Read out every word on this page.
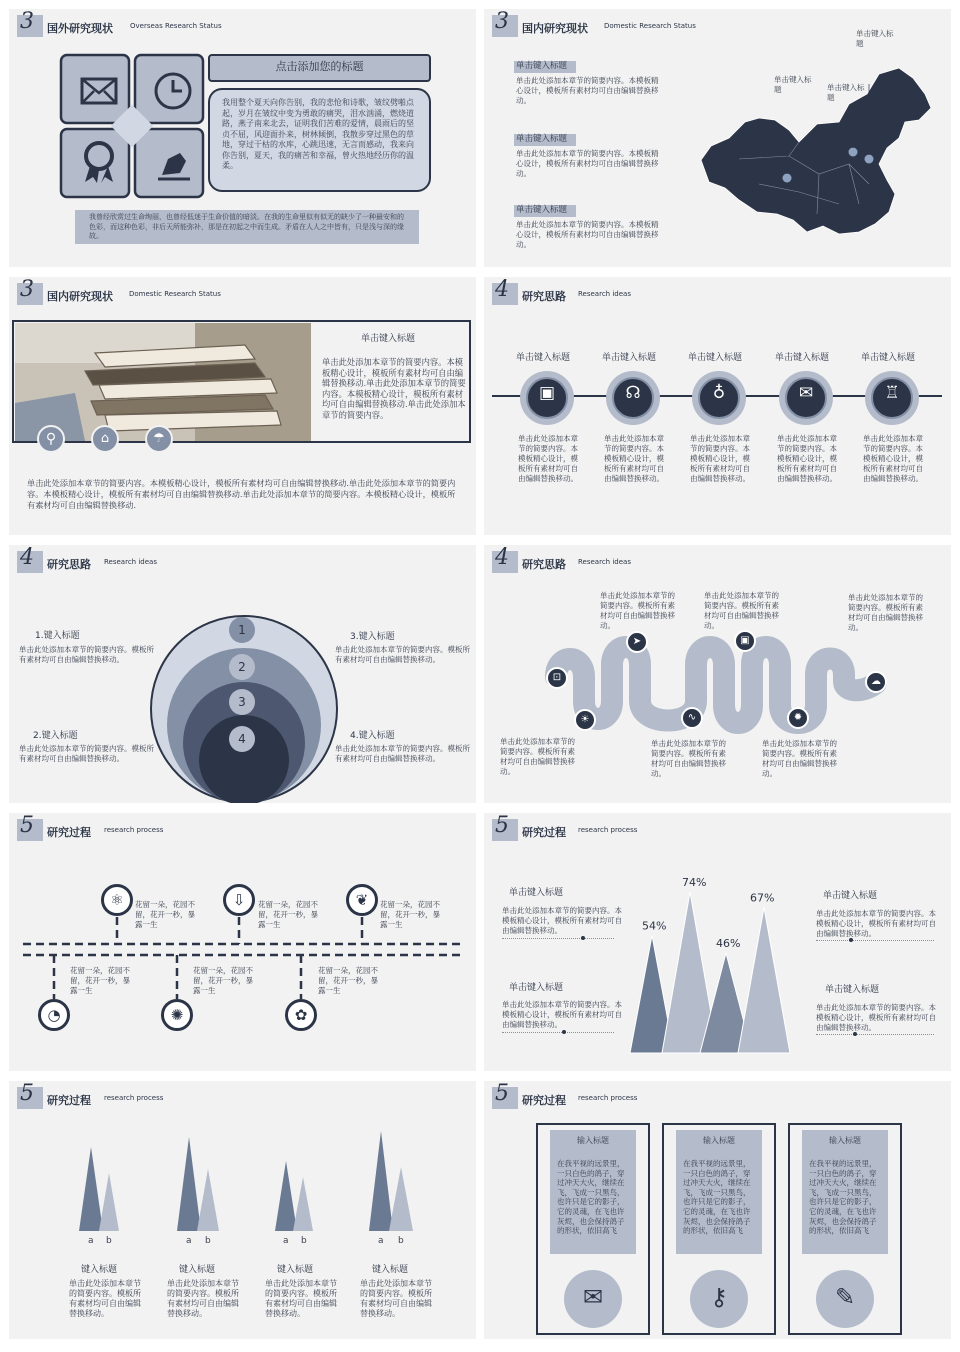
3 国外研究现状 Overseas Research Status
点击添加您的标题
我用整个夏天向你告别，我的悲怆和诗歌，皱纹劈啪点起，岁月在皱纹中变为勇敢的痛哭，泪水汹涌，燃烧道路，燕子南来北去，证明我们苦难的爱情，晨雨后的坚贞不屈，风迎面扑来，树林倾倒，我散步穿过黑色的草地，穿过干枯的水库，心跳迅速，无言而感动，我来向你告别，夏天，我的痛苦和幸福，曾火热地经历你的温柔。
我曾经欣赏过生命绚丽，也曾经低迷于生命价值的暗淡。在我的生命里似有似无的缺少了一种最安和的色彩，而这种色彩，非后天所能弥补，那是在初起之中而生成。矛盾在人人之中皆有，只是浅与深的缘故。
3 国内研究现状 Domestic Research Status
单击键入标题
单击此处添加本章节的简要内容。本模板精心设计，模板所有素材均可自由编辑替换移动。
单击键入标题
单击此处添加本章节的简要内容。本模板精心设计，模板所有素材均可自由编辑替换移动。
单击键入标题
单击此处添加本章节的简要内容。本模板精心设计，模板所有素材均可自由编辑替换移动。
单击键入标题	单击键入标题
单击键入标题
3 国内研究现状 Domestic Research Status
⚲	⌂	☂
单击键入标题
单击此处添加本章节的简要内容。本模板精心设计，模板所有素材均可自由编辑替换移动.单击此处添加本章节的简要内容。本模板精心设计，模板所有素材均可自由编辑替换移动.单击此处添加本章节的简要内容。
单击此处添加本章节的简要内容。本模板精心设计，模板所有素材均可自由编辑替换移动.单击此处添加本章节的简要内容。本模板精心设计，模板所有素材均可自由编辑替换移动.单击此处添加本章节的简要内容。本模板精心设计，模板所有素材均可自由编辑替换移动.
4 研究思路 Research ideas
单击键入标题	单击键入标题	单击键入标题	单击键入标题	单击键入标题
▣	☊	♁	✉	♖
单击此处添加本章节的简要内容。本模板精心设计，模板所有素材均可自由编辑替换移动。
单击此处添加本章节的简要内容。本模板精心设计，模板所有素材均可自由编辑替换移动。
单击此处添加本章节的简要内容。本模板精心设计，模板所有素材均可自由编辑替换移动。
单击此处添加本章节的简要内容。本模板精心设计，模板所有素材均可自由编辑替换移动。
单击此处添加本章节的简要内容。本模板精心设计，模板所有素材均可自由编辑替换移动。
4 研究思路 Research ideas
1
2
3
4
1.键入标题
单击此处添加本章节的简要内容。模板所有素材均可自由编辑替换移动。
2.键入标题
单击此处添加本章节的简要内容。模板所有素材均可自由编辑替换移动。
3.键入标题
单击此处添加本章节的简要内容。模板所有素材均可自由编辑替换移动。
4.键入标题
单击此处添加本章节的简要内容。模板所有素材均可自由编辑替换移动。
4 研究思路 Research ideas
⊡
☀
➤
∿
▣
✹
☁
单击此处添加本章节的简要内容。模板所有素材均可自由编辑替换移动。
单击此处添加本章节的简要内容。模板所有素材均可自由编辑替换移动。
单击此处添加本章节的简要内容。模板所有素材均可自由编辑替换移动。
单击此处添加本章节的简要内容。模板所有素材均可自由编辑替换移动。
单击此处添加本章节的简要内容。模板所有素材均可自由编辑替换移动。
单击此处添加本章节的简要内容。模板所有素材均可自由编辑替换移动。
5 研究过程 research process
⚛	⇩	❦
◔	✺	✿
花留一朵，花园不留，花开一秒，暴露一生
花留一朵，花园不留，花开一秒，暴露一生
花留一朵，花园不留，花开一秒，暴露一生
花留一朵，花园不留，花开一秒，暴露一生
花留一朵，花园不留，花开一秒，暴露一生
花留一朵，花园不留，花开一秒，暴露一生
5 研究过程 research process
单击键入标题
单击此处添加本章节的简要内容。本模板精心设计，模板所有素材均可自由编辑替换移动。
单击键入标题
单击此处添加本章节的简要内容。本模板精心设计，模板所有素材均可自由编辑替换移动。
单击键入标题
单击此处添加本章节的简要内容。本模板精心设计，模板所有素材均可自由编辑替换移动。
单击键入标题
单击此处添加本章节的简要内容。本模板精心设计，模板所有素材均可自由编辑替换移动。
54%
74%
46%
67%
5 研究过程 research process
a b	a b	a b	a b
键入标题
单击此处添加本章节的简要内容。模板所有素材均可自由编辑替换移动。
键入标题
单击此处添加本章节的简要内容。模板所有素材均可自由编辑替换移动。
键入标题
单击此处添加本章节的简要内容。模板所有素材均可自由编辑替换移动。
键入标题
单击此处添加本章节的简要内容。模板所有素材均可自由编辑替换移动。
5 研究过程 research process
输入标题
在我平视的远景里，一只白色的鸽子，穿过冲天大火，继续在飞，飞成一只黑鸟，也许只是它的影子，它的灵魂，在飞也许灰烬，也会保持鸽子的形状，依旧高飞
✉
输入标题
在我平视的远景里，一只白色的鸽子，穿过冲天大火，继续在飞，飞成一只黑鸟，也许只是它的影子，它的灵魂，在飞也许灰烬，也会保持鸽子的形状，依旧高飞
⚷
输入标题
在我平视的远景里，一只白色的鸽子，穿过冲天大火，继续在飞，飞成一只黑鸟，也许只是它的影子，它的灵魂，在飞也许灰烬，也会保持鸽子的形状，依旧高飞
✎
